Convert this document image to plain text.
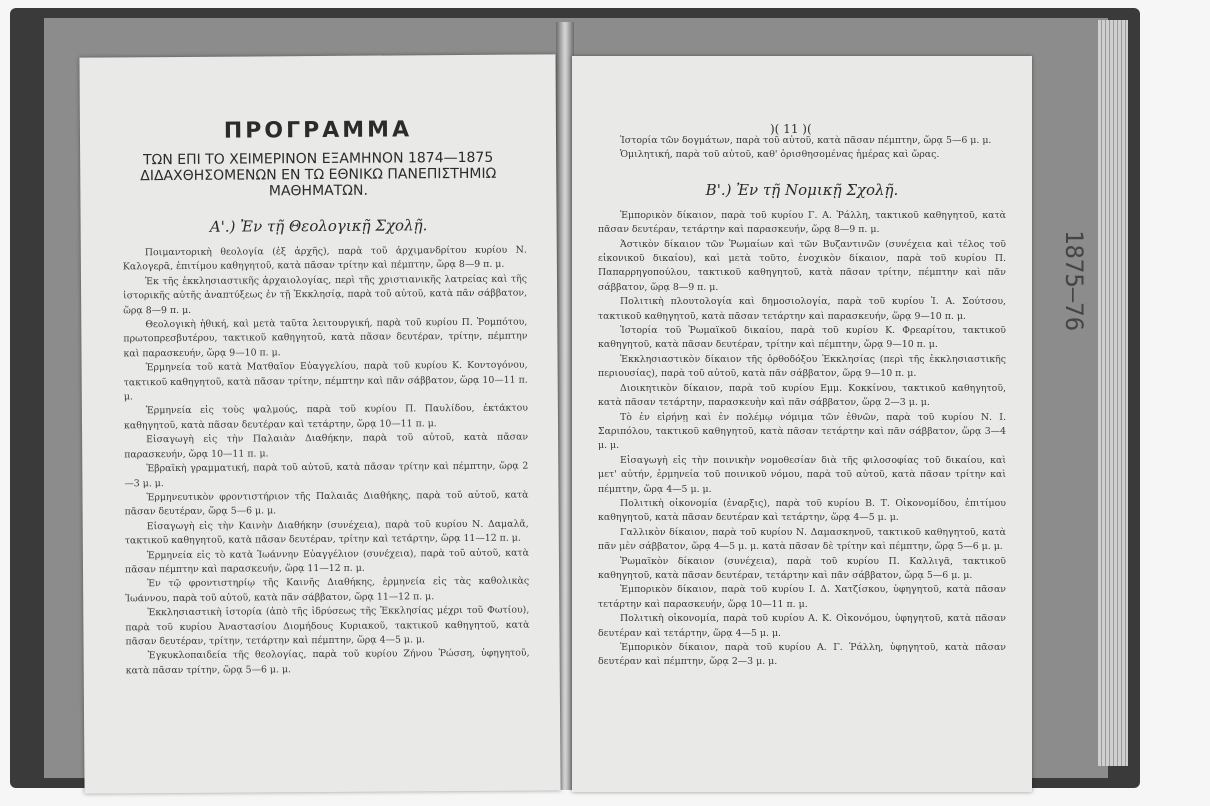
ΠΡΟΓΡΑΜΜΑ
ΤΩΝ ΕΠΙ ΤΟ ΧΕΙΜΕΡΙΝΟΝ ΕΞΑΜΗΝΟΝ 1874—1875 ΔΙΔΑΧΘΗΣΟΜΕΝΩΝ ΕΝ ΤΩ ΕΘΝΙΚΩ ΠΑΝΕΠΙΣΤΗΜΙΩ ΜΑΘΗΜΑΤΩΝ.
Α'.) Ἐν τῇ Θεολογικῇ Σχολῇ.

Ποιμαντορικὴ θεολογία (ἐξ ἀρχῆς), παρὰ τοῦ ἀρχιμανδρίτου κυρίου Ν. Καλογερᾶ, ἐπιτίμου καθηγητοῦ, κατὰ πᾶσαν τρίτην καὶ πέμπτην, ὥρᾳ 8—9 π. μ.

Ἐκ τῆς ἐκκλησιαστικῆς ἀρχαιολογίας, περὶ τῆς χριστιανικῆς λατρείας καὶ τῆς ἱστορικῆς αὐτῆς ἀναπτύξεως ἐν τῇ Ἐκκλησίᾳ, παρὰ τοῦ αὐτοῦ, κατὰ πᾶν σάββατον, ὥρᾳ 8—9 π. μ.

Θεολογικὴ ἠθική, καὶ μετὰ ταῦτα λειτουργική, παρὰ τοῦ κυρίου Π. Ῥομπότου, πρωτοπρεσβυτέρου, τακτικοῦ καθηγητοῦ, κατὰ πᾶσαν δευτέραν, τρίτην, πέμπτην καὶ παρασκευήν, ὥρᾳ 9—10 π. μ.

Ἑρμηνεία τοῦ κατὰ Ματθαῖον Εὐαγγελίου, παρὰ τοῦ κυρίου Κ. Κοντογόνου, τακτικοῦ καθηγητοῦ, κατὰ πᾶσαν τρίτην, πέμπτην καὶ πᾶν σάββατον, ὥρᾳ 10—11 π. μ.

Ἑρμηνεία εἰς τοὺς ψαλμούς, παρὰ τοῦ κυρίου Π. Παυλίδου, ἐκτάκτου καθηγητοῦ, κατὰ πᾶσαν δευτέραν καὶ τετάρτην, ὥρᾳ 10—11 π. μ.

Εἰσαγωγὴ εἰς τὴν Παλαιὰν Διαθήκην, παρὰ τοῦ αὐτοῦ, κατὰ πᾶσαν παρασκευήν, ὥρᾳ 10—11 π. μ.

Ἑβραϊκὴ γραμματική, παρὰ τοῦ αὐτοῦ, κατὰ πᾶσαν τρίτην καὶ πέμπτην, ὥρᾳ 2—3 μ. μ.

Ἑρμηνευτικὸν φροντιστήριον τῆς Παλαιᾶς Διαθήκης, παρὰ τοῦ αὐτοῦ, κατὰ πᾶσαν δευτέραν, ὥρᾳ 5—6 μ. μ.

Εἰσαγωγὴ εἰς τὴν Καινὴν Διαθήκην (συνέχεια), παρὰ τοῦ κυρίου Ν. Δαμαλᾶ, τακτικοῦ καθηγητοῦ, κατὰ πᾶσαν δευτέραν, τρίτην καὶ τετάρτην, ὥρᾳ 11—12 π. μ.

Ἑρμηνεία εἰς τὸ κατὰ Ἰωάννην Εὐαγγέλιον (συνέχεια), παρὰ τοῦ αὐτοῦ, κατὰ πᾶσαν πέμπτην καὶ παρασκευήν, ὥρᾳ 11—12 π. μ.

Ἐν τῷ φροντιστηρίῳ τῆς Καινῆς Διαθήκης, ἑρμηνεία εἰς τὰς καθολικὰς Ἰωάννου, παρὰ τοῦ αὐτοῦ, κατὰ πᾶν σάββατον, ὥρᾳ 11—12 π. μ.

Ἐκκλησιαστικὴ ἱστορία (ἀπὸ τῆς ἱδρύσεως τῆς Ἐκκλησίας μέχρι τοῦ Φωτίου), παρὰ τοῦ κυρίου Ἀναστασίου Διομήδους Κυριακοῦ, τακτικοῦ καθηγητοῦ, κατὰ πᾶσαν δευτέραν, τρίτην, τετάρτην καὶ πέμπτην, ὥρᾳ 4—5 μ. μ.

Ἐγκυκλοπαιδεία τῆς θεολογίας, παρὰ τοῦ κυρίου Ζήνου Ῥώσση, ὑφηγητοῦ, κατὰ πᾶσαν τρίτην, ὥρᾳ 5—6 μ. μ.

)( 11 )(

Ἱστορία τῶν δογμάτων, παρὰ τοῦ αὐτοῦ, κατὰ πᾶσαν πέμπτην, ὥρᾳ 5—6 μ. μ.

Ὁμιλητική, παρὰ τοῦ αὐτοῦ, καθ' ὁρισθησομένας ἡμέρας καὶ ὥρας.

Β'.) Ἐν τῇ Νομικῇ Σχολῇ.

Ἐμπορικὸν δίκαιον, παρὰ τοῦ κυρίου Γ. Α. Ῥάλλη, τακτικοῦ καθηγητοῦ, κατὰ πᾶσαν δευτέραν, τετάρτην καὶ παρασκευήν, ὥρᾳ 8—9 π. μ.

Ἀστικὸν δίκαιον τῶν Ῥωμαίων καὶ τῶν Βυζαντινῶν (συνέχεια καὶ τέλος τοῦ εἰκονικοῦ δικαίου), καὶ μετὰ τοῦτο, ἐνοχικὸν δίκαιον, παρὰ τοῦ κυρίου Π. Παπαρρηγοπούλου, τακτικοῦ καθηγητοῦ, κατὰ πᾶσαν τρίτην, πέμπτην καὶ πᾶν σάββατον, ὥρᾳ 8—9 π. μ.

Πολιτικὴ πλουτολογία καὶ δημοσιολογία, παρὰ τοῦ κυρίου Ἰ. Α. Σούτσου, τακτικοῦ καθηγητοῦ, κατὰ πᾶσαν τετάρτην καὶ παρασκευήν, ὥρᾳ 9—10 π. μ.

Ἱστορία τοῦ Ῥωμαϊκοῦ δικαίου, παρὰ τοῦ κυρίου Κ. Φρεαρίτου, τακτικοῦ καθηγητοῦ, κατὰ πᾶσαν δευτέραν, τρίτην καὶ πέμπτην, ὥρᾳ 9—10 π. μ.

Ἐκκλησιαστικὸν δίκαιον τῆς ὀρθοδόξου Ἐκκλησίας (περὶ τῆς ἐκκλησιαστικῆς περιουσίας), παρὰ τοῦ αὐτοῦ, κατὰ πᾶν σάββατον, ὥρᾳ 9—10 π. μ.

Διοικητικὸν δίκαιον, παρὰ τοῦ κυρίου Εμμ. Κοκκίνου, τακτικοῦ καθηγητοῦ, κατὰ πᾶσαν τετάρτην, παρασκευὴν καὶ πᾶν σάββατον, ὥρᾳ 2—3 μ. μ.

Τὸ ἐν εἰρήνῃ καὶ ἐν πολέμῳ νόμιμα τῶν ἐθνῶν, παρὰ τοῦ κυρίου Ν. Ι. Σαριπόλου, τακτικοῦ καθηγητοῦ, κατὰ πᾶσαν τετάρτην καὶ πᾶν σάββατον, ὥρᾳ 3—4 μ. μ.

Εἰσαγωγὴ εἰς τὴν ποινικὴν νομοθεσίαν διὰ τῆς φιλοσοφίας τοῦ δικαίου, καὶ μετ' αὐτήν, ἑρμηνεία τοῦ ποινικοῦ νόμου, παρὰ τοῦ αὐτοῦ, κατὰ πᾶσαν τρίτην καὶ πέμπτην, ὥρᾳ 4—5 μ. μ.

Πολιτικὴ οἰκονομία (ἐναρξις), παρὰ τοῦ κυρίου Β. Τ. Οἰκονομίδου, ἐπιτίμου καθηγητοῦ, κατὰ πᾶσαν δευτέραν καὶ τετάρτην, ὥρᾳ 4—5 μ. μ.

Γαλλικὸν δίκαιον, παρὰ τοῦ κυρίου Ν. Δαμασκηνοῦ, τακτικοῦ καθηγητοῦ, κατὰ πᾶν μὲν σάββατον, ὥρᾳ 4—5 μ. μ. κατὰ πᾶσαν δὲ τρίτην καὶ πέμπτην, ὥρᾳ 5—6 μ. μ.

Ῥωμαϊκὸν δίκαιον (συνέχεια), παρὰ τοῦ κυρίου Π. Καλλιγᾶ, τακτικοῦ καθηγητοῦ, κατὰ πᾶσαν δευτέραν, τετάρτην καὶ πᾶν σάββατον, ὥρᾳ 5—6 μ. μ.

Ἐμπορικὸν δίκαιον, παρὰ τοῦ κυρίου Ι. Δ. Χατζίσκου, ὑφηγητοῦ, κατὰ πᾶσαν τετάρτην καὶ παρασκευήν, ὥρᾳ 10—11 π. μ.

Πολιτικὴ οἰκονομία, παρὰ τοῦ κυρίου Α. Κ. Οἰκονόμου, ὑφηγητοῦ, κατὰ πᾶσαν δευτέραν καὶ τετάρτην, ὥρᾳ 4—5 μ. μ.

Ἐμπορικὸν δίκαιον, παρὰ τοῦ κυρίου Α. Γ. Ῥάλλη, ὑφηγητοῦ, κατὰ πᾶσαν δευτέραν καὶ πέμπτην, ὥρᾳ 2—3 μ. μ.

1875—76
